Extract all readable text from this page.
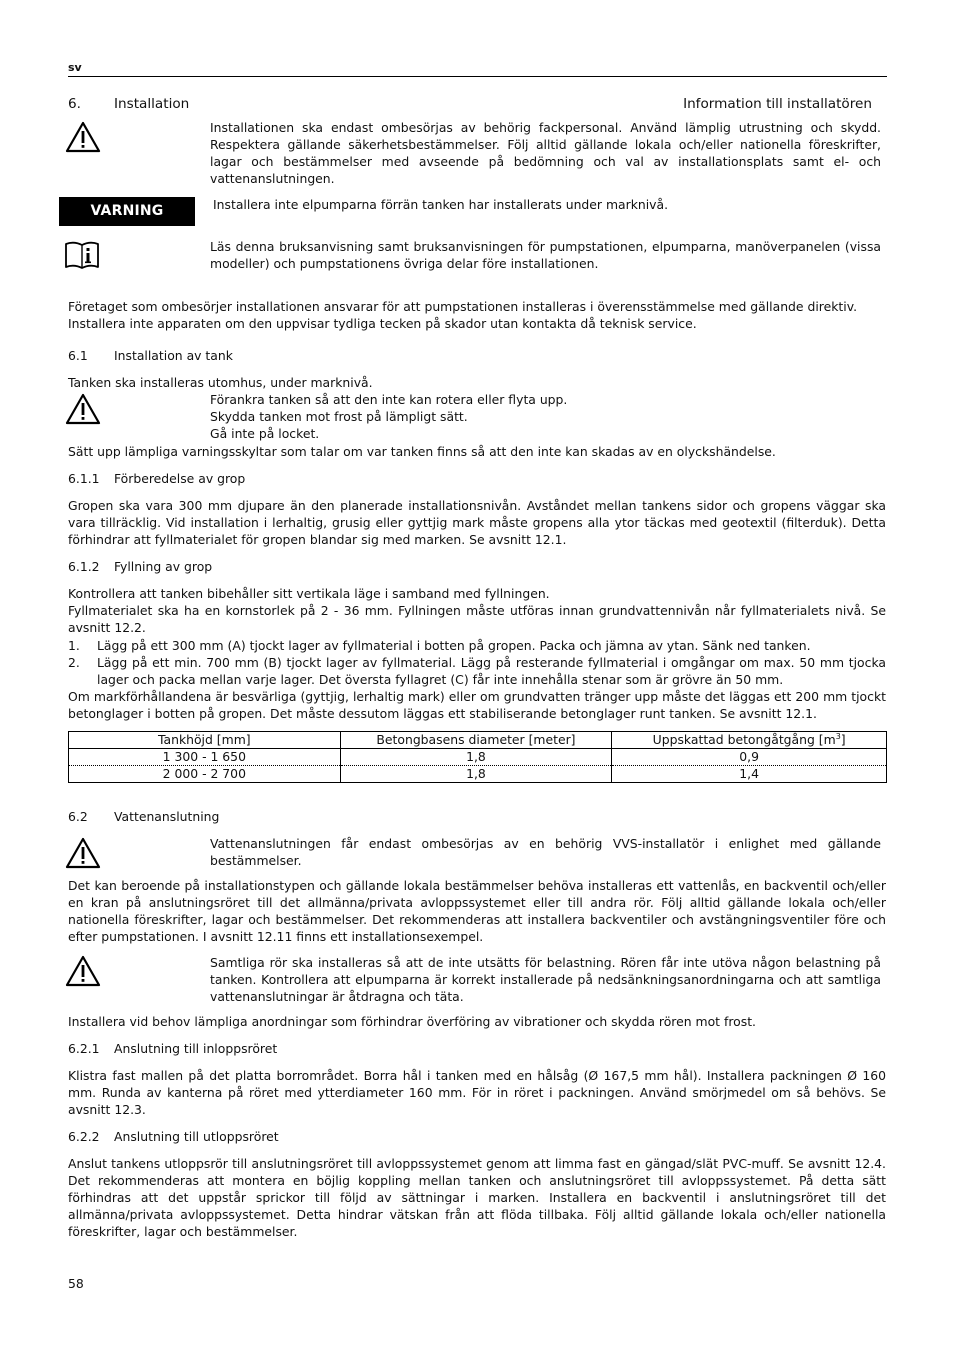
sv
6. Installation	Information till installatören
Installationen ska endast ombesörjas av behörig fackpersonal. Använd lämplig utrustning och skydd. Respektera gällande säkerhetsbestämmelser. Följ alltid gällande lokala och/eller nationella föreskrifter, lagar och bestämmelser med avseende på bedömning och val av installationsplats samt el- och vattenanslutningen.
VARNING	Installera inte elpumparna förrän tanken har installerats under marknivå.
Läs denna bruksanvisning samt bruksanvisningen för pumpstationen, elpumparna, manöverpanelen (vissa modeller) och pumpstationens övriga delar före installationen.
Företaget som ombesörjer installationen ansvarar för att pumpstationen installeras i överensstämmelse med gällande direktiv.
Installera inte apparaten om den uppvisar tydliga tecken på skador utan kontakta då teknisk service.
6.1 Installation av tank
Tanken ska installeras utomhus, under marknivå.
Förankra tanken så att den inte kan rotera eller flyta upp.
Skydda tanken mot frost på lämpligt sätt.
Gå inte på locket.
Sätt upp lämpliga varningsskyltar som talar om var tanken finns så att den inte kan skadas av en olyckshändelse.
6.1.1 Förberedelse av grop
Gropen ska vara 300 mm djupare än den planerade installationsnivån. Avståndet mellan tankens sidor och gropens väggar ska vara tillräcklig. Vid installation i lerhaltig, grusig eller gyttjig mark måste gropens alla ytor täckas med geotextil (filterduk). Detta förhindrar att fyllmaterialet för gropen blandar sig med marken. Se avsnitt 12.1.
6.1.2 Fyllning av grop
Kontrollera att tanken bibehåller sitt vertikala läge i samband med fyllningen.
Fyllmaterialet ska ha en kornstorlek på 2 - 36 mm. Fyllningen måste utföras innan grundvattennivån når fyllmaterialets nivå. Se avsnitt 12.2.
1. Lägg på ett 300 mm (A) tjockt lager av fyllmaterial i botten på gropen. Packa och jämna av ytan. Sänk ned tanken.
2. Lägg på ett min. 700 mm (B) tjockt lager av fyllmaterial. Lägg på resterande fyllmaterial i omgångar om max. 50 mm tjocka lager och packa mellan varje lager. Det översta fyllagret (C) får inte innehålla stenar som är grövre än 50 mm.
Om markförhållandena är besvärliga (gyttjig, lerhaltig mark) eller om grundvatten tränger upp måste det läggas ett 200 mm tjockt betonglager i botten på gropen. Det måste dessutom läggas ett stabiliserande betonglager runt tanken. Se avsnitt 12.1.
Tankhöjd [mm]	Betongbasens diameter [meter]	Uppskattad betongåtgång $[m^3]$
1 300 - 1 650	1,8	0,9
2 000 - 2 700	1,8	1,4
6.2 Vattenanslutning
Vattenanslutningen får endast ombesörjas av en behörig VVS-installatör i enlighet med gällande bestämmelser.
Det kan beroende på installationstypen och gällande lokala bestämmelser behöva installeras ett vattenlås, en backventil och/eller en kran på anslutningsröret till det allmänna/privata avloppssystemet eller till andra rör. Följ alltid gällande lokala och/eller nationella föreskrifter, lagar och bestämmelser. Det rekommenderas att installera backventiler och avstängningsventiler före och efter pumpstationen. I avsnitt 12.11 finns ett installationsexempel.
Samtliga rör ska installeras så att de inte utsätts för belastning. Rören får inte utöva någon belastning på tanken. Kontrollera att elpumparna är korrekt installerade på nedsänkningsanordningarna och att samtliga vattenanslutningar är åtdragna och täta.
Installera vid behov lämpliga anordningar som förhindrar överföring av vibrationer och skydda rören mot frost.
6.2.1 Anslutning till inloppsröret
Klistra fast mallen på det platta borrområdet. Borra hål i tanken med en hålsåg (Ø 167,5 mm hål). Installera packningen Ø 160 mm. Runda av kanterna på röret med ytterdiameter 160 mm. För in röret i packningen. Använd smörjmedel om så behövs. Se avsnitt 12.3.
6.2.2 Anslutning till utloppsröret
Anslut tankens utloppsrör till anslutningsröret till avloppssystemet genom att limma fast en gängad/slät PVC-muff. Se avsnitt 12.4. Det rekommenderas att montera en böjlig koppling mellan tanken och anslutningsröret till avloppssystemet. På detta sätt förhindras att det uppstår sprickor till följd av sättningar i marken. Installera en backventil i anslutningsröret till det allmänna/privata avloppssystemet. Detta hindrar vätskan från att flöda tillbaka. Följ alltid gällande lokala och/eller nationella föreskrifter, lagar och bestämmelser.
58
